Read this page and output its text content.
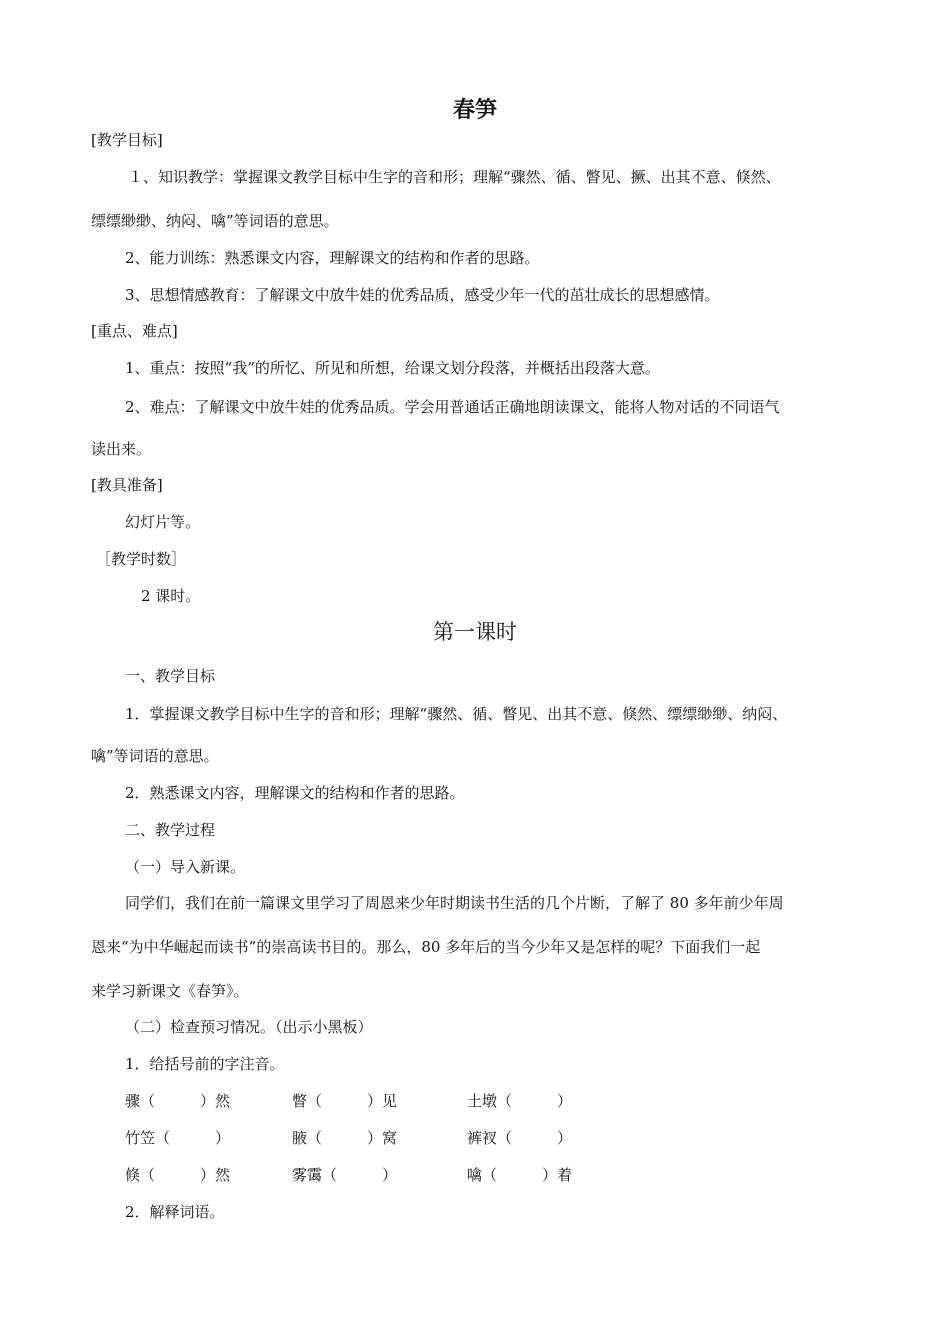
春笋
[教学目标]
１、知识教学：掌握课文教学目标中生字的音和形；理解“骤然、循、瞥见、撅、出其不意、倏然、
缥缥缈缈、纳闷、噙”等词语的意思。
2、能力训练：熟悉课文内容，理解课文的结构和作者的思路。
3、思想情感教育：了解课文中放牛娃的优秀品质，感受少年一代的茁壮成长的思想感情。
[重点、难点]
1、重点：按照“我”的所忆、所见和所想，给课文划分段落，并概括出段落大意。
2、难点：了解课文中放牛娃的优秀品质。学会用普通话正确地朗读课文，能将人物对话的不同语气
读出来。
[教具准备]
幻灯片等。
［教学时数］
2 课时。
第一课时
一、教学目标
1．掌握课文教学目标中生字的音和形；理解“骤然、循、瞥见、出其不意、倏然、缥缥缈缈、纳闷、
噙”等词语的意思。
2．熟悉课文内容，理解课文的结构和作者的思路。
二、教学过程
（一）导入新课。
同学们，我们在前一篇课文里学习了周恩来少年时期读书生活的几个片断，了解了 80 多年前少年周
恩来“为中华崛起而读书”的崇高读书目的。那么，80 多年后的当今少年又是怎样的呢？下面我们一起
来学习新课文《春笋》。
（二）检查预习情况。（出示小黑板）
1．给括号前的字注音。
骤（　　　）然	瞥（　　　）见	土墩（　　　）
竹笠（　　　）	腋（　　　）窝	裤衩（　　　）
倏（　　　）然	雾霭（　　　）	噙（　　　）着
2．解释词语。
